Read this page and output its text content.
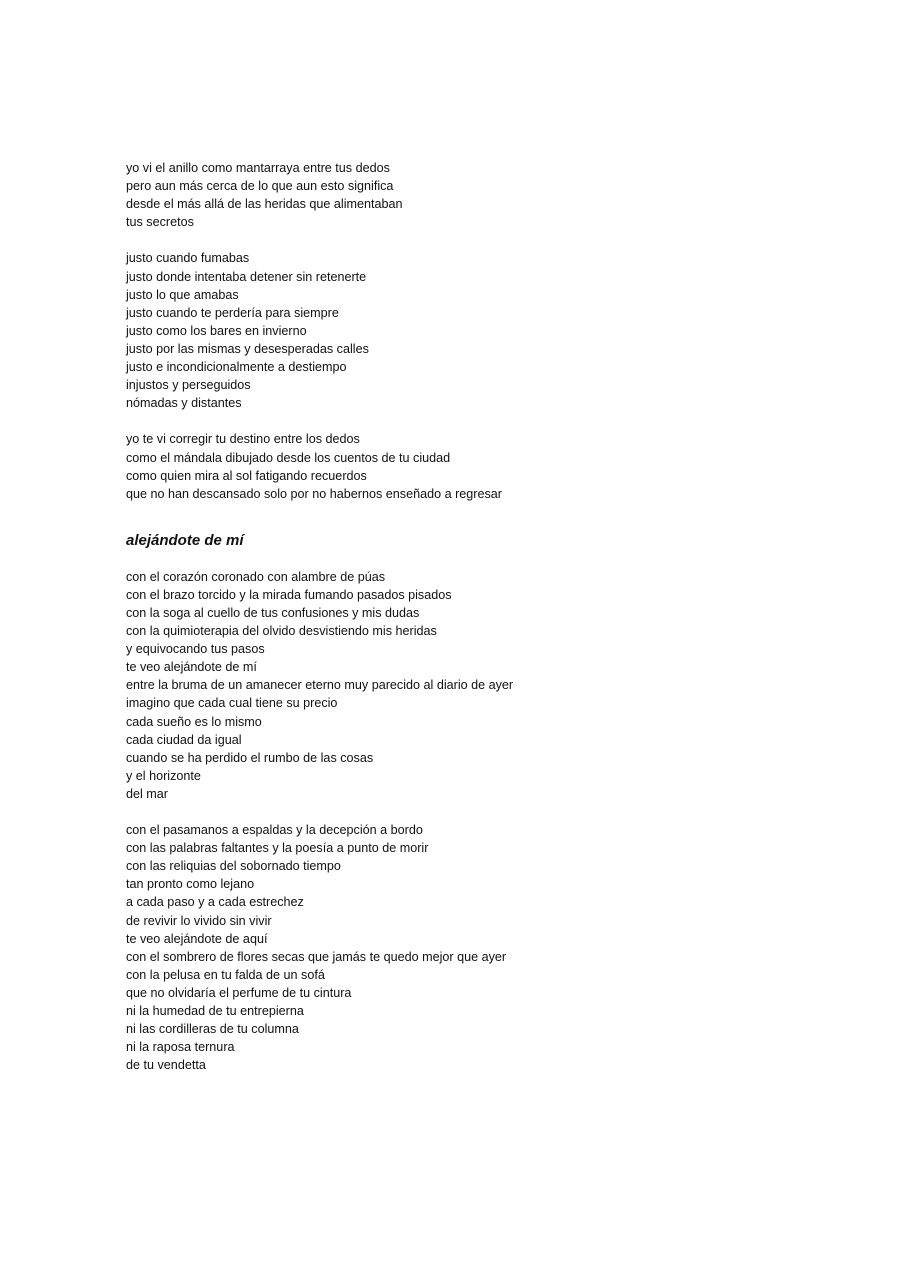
yo vi el anillo como mantarraya entre tus dedos
pero aun más cerca de lo que aun esto significa
desde el más allá de las heridas que alimentaban
tus secretos
justo cuando fumabas
justo donde intentaba detener sin retenerte
justo lo que amabas
justo cuando te perdería para siempre
justo como los bares en invierno
justo por las mismas y desesperadas calles
justo e incondicionalmente a destiempo
injustos y perseguidos
nómadas y distantes
yo te vi corregir tu destino entre los dedos
como el mándala dibujado desde los cuentos de tu ciudad
como quien mira al sol fatigando recuerdos
que no han descansado solo por no habernos enseñado a regresar
alejándote de mí
con el corazón coronado con alambre de púas
con el brazo torcido y la mirada fumando pasados pisados
con la soga al cuello de tus confusiones y mis dudas
con la quimioterapia del olvido desvistiendo mis heridas
y equivocando tus pasos
te veo alejándote de mí
entre la bruma de un amanecer eterno muy parecido al diario de ayer
imagino que cada cual tiene su precio
cada sueño es lo mismo
cada ciudad da igual
cuando se ha perdido el rumbo de las cosas
y el horizonte
del mar
con el pasamanos a espaldas y la decepción a bordo
con las palabras faltantes y la poesía a punto de morir
con las reliquias del sobornado tiempo
tan pronto como lejano
a cada paso y a cada estrechez
de revivir lo vivido sin vivir
te veo alejándote de aquí
con el sombrero de flores secas que jamás te quedo mejor que ayer
con la pelusa en tu falda de un sofá
que no olvidaría el perfume de tu cintura
ni la humedad de tu entrepierna
ni las cordilleras de tu columna
ni la raposa ternura
de tu vendetta
